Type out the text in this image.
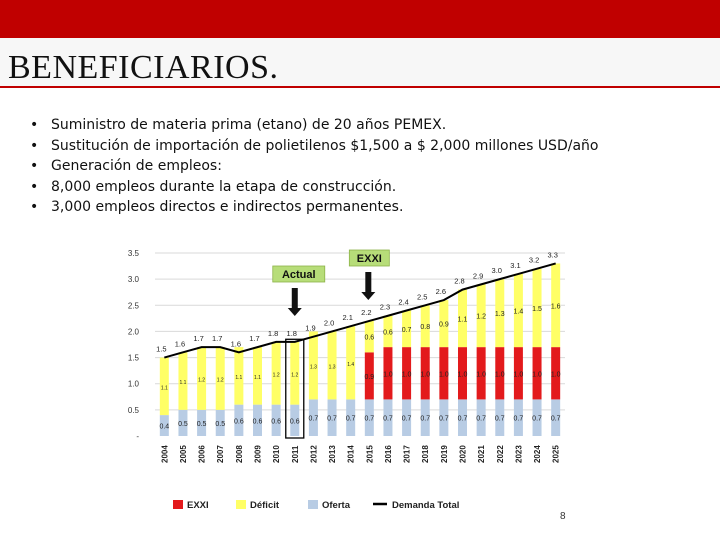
BENEFICIARIOS.
• Suministro de materia prima (etano) de 20 años PEMEX.
• Sustitución de importación de polietilenos $1,500 a $ 2,000 millones USD/año
• Generación de empleos:
• 8,000 empleos durante la etapa de construcción.
• 3,000 empleos directos e indirectos permanentes.
-
0.5
1.0
1.5
2.0
2.5
3.0
3.5
2004 2005 2006 2007 2008 2009 2010 2011 2012 2013 2014 2015 2016 2017 2018 2019 2020 2021 2022 2023 2024 2025
0.4
1.1
0.5
1.1
0.5
1.2
0.5
1.2
0.6
1.1
0.6
1.1
0.6
1.2
0.6
1.2
0.7
1.3
0.7
1.3
0.7
1.4
0.7
0.9
0.6
0.7
1.0
0.6
0.7
1.0
0.7
0.7
1.0
0.8
0.7
1.0
0.9
0.7
1.0
1.1
0.7
1.0
1.2
0.7
1.0
1.3
0.7
1.0
1.4
0.7
1.0
1.5
0.7
1.0
1.6
1.5
1.6
1.7 1.7
1.6
1.7
1.8 1.8
1.9
2.0
2.1
2.2
2.3
2.4
2.5
2.6
2.8
2.9
3.0
3.1
3.2
3.3
Actual
EXXI
EXXI	Déficit	Oferta	Demanda Total
8
